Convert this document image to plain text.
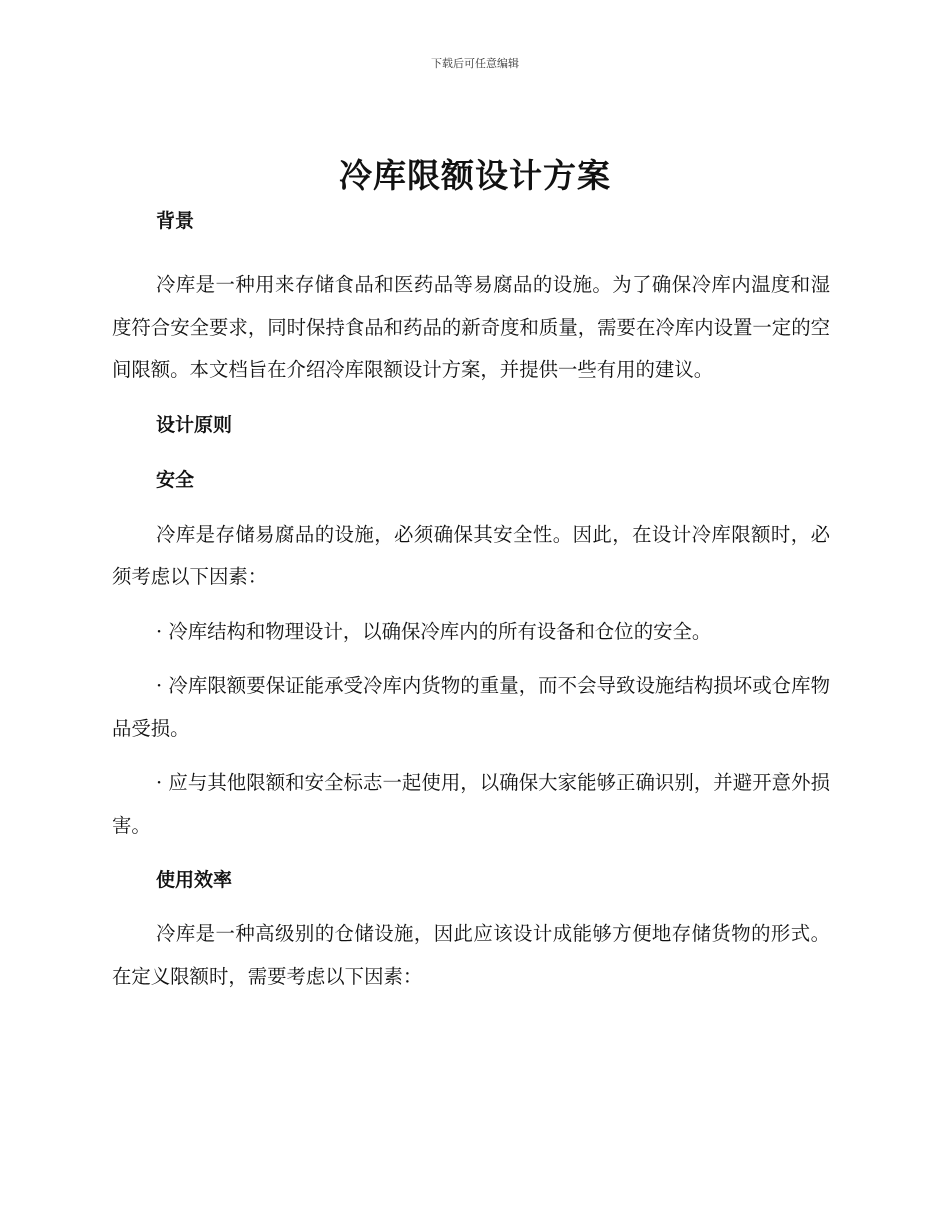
下载后可任意编辑
冷库限额设计方案
背景

冷库是一种用来存储食品和医药品等易腐品的设施。为了确保冷库内温度和湿度符合安全要求，同时保持食品和药品的新奇度和质量，需要在冷库内设置一定的空间限额。本文档旨在介绍冷库限额设计方案，并提供一些有用的建议。

设计原则
安全

冷库是存储易腐品的设施，必须确保其安全性。因此，在设计冷库限额时，必须考虑以下因素：

· 冷库结构和物理设计，以确保冷库内的所有设备和仓位的安全。

· 冷库限额要保证能承受冷库内货物的重量，而不会导致设施结构损坏或仓库物品受损。

· 应与其他限额和安全标志一起使用，以确保大家能够正确识别，并避开意外损害。

使用效率

冷库是一种高级别的仓储设施，因此应该设计成能够方便地存储货物的形式。在定义限额时，需要考虑以下因素：
